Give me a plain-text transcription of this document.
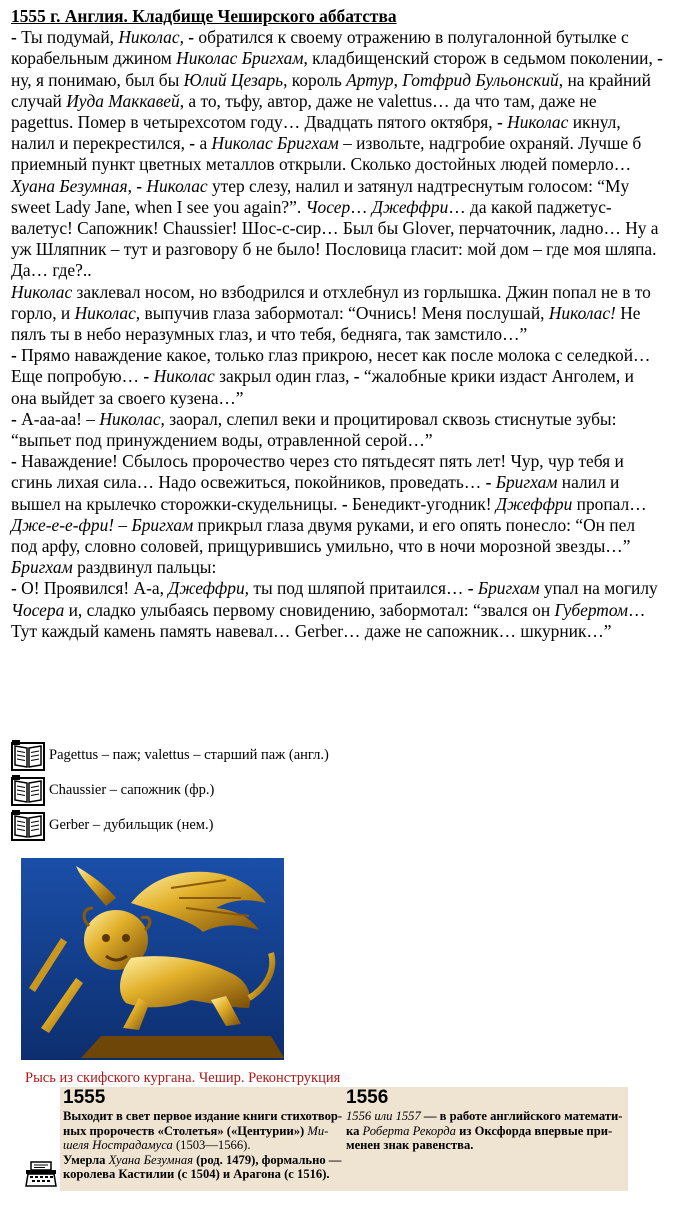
1555 г. Англия. Кладбище Чеширского аббатства

- Ты подумай, Николас, - обратился к своему отражению в полугалонной бутылке с корабельным джином Николас Бригхам, кладбищенский сторож в седьмом поколении, - ну, я понимаю, был бы Юлий Цезарь, король Артур, Готфрид Бульонский, на крайний случай Иуда Маккавей, а то, тьфу, автор, даже не valettus… да что там, даже не pagettus. Помер в четырехсотом году… Двадцать пятого октября, - Николас икнул, налил и перекрестился, - а Николас Бригхам – извольте, надгробие охраняй. Лучше б приемный пункт цветных металлов открыли. Сколько достойных людей померло… Хуана Безумная, - Николас утер слезу, налил и затянул надтреснутым голосом: “My sweet Lady Jane, when I see you again?”. Чосер… Джеффри… да какой паджетус-валетус! Сапожник! Chaussier! Шос-с-сир… Был бы Glover, перчаточник, ладно… Ну а уж Шляпник – тут и разговору б не было! Пословица гласит: мой дом – где моя шляпа. Да… где?..

Николас заклевал носом, но взбодрился и отхлебнул из горлышка. Джин попал не в то горло, и Николас, выпучив глаза забормотал: “Очнись! Меня послушай, Николас! Не пялъ ты в небо неразумных глаз, и что тебя, бедняга, так замстило…”

- Прямо наваждение какое, только глаз прикрою, несет как после молока с селедкой… Еще попробую… - Николас закрыл один глаз, - “жалобные крики издаст Анголем, и она выйдет за своего кузена…”

- А-аа-аа! – Николас, заорал, слепил веки и процитировал сквозь стиснутые зубы: “выпьет под принуждением воды, отравленной серой…”

- Наваждение! Сбылось пророчество через сто пятьдесят пять лет! Чур, чур тебя и сгинь лихая сила… Надо освежиться, покойников, проведать… - Бригхам налил и вышел на крылечко сторожки-скудельницы. - Бенедикт-угодник! Джеффри пропал… Дже-е-е-фри! – Бригхам прикрыл глаза двумя руками, и его опять понесло: “Он пел под арфу, словно соловей, прищурившись умильно, что в ночи морозной звезды…”

Бригхам раздвинул пальцы:

- О! Проявился! А-а, Джеффри, ты под шляпой притаился… - Бригхам упал на могилу Чосера и, сладко улыбаясь первому сновидению, забормотал: “звался он Губертом… Тут каждый камень память навевал… Gerber… даже не сапожник… шкурник…”

Pagettus – паж; valettus – старший паж (англ.)
Chaussier – сапожник (фр.)
Gerber – дубильщик (нем.)
Рысь из скифского кургана. Чешир. Реконструкция
1555
Выходит в свет первое издание книги стихотвор-
ных пророчеств «Столетья» («Центурии») Ми-
шеля Нострадамуса (1503—1566).
Умерла Хуана Безумная (род. 1479), формально —
королева Кастилии (с 1504) и Арагона (с 1516).
1556
1556 или 1557 — в работе английского математи-
ка Роберта Рекорда из Оксфорда впервые при-
менен знак равенства.
